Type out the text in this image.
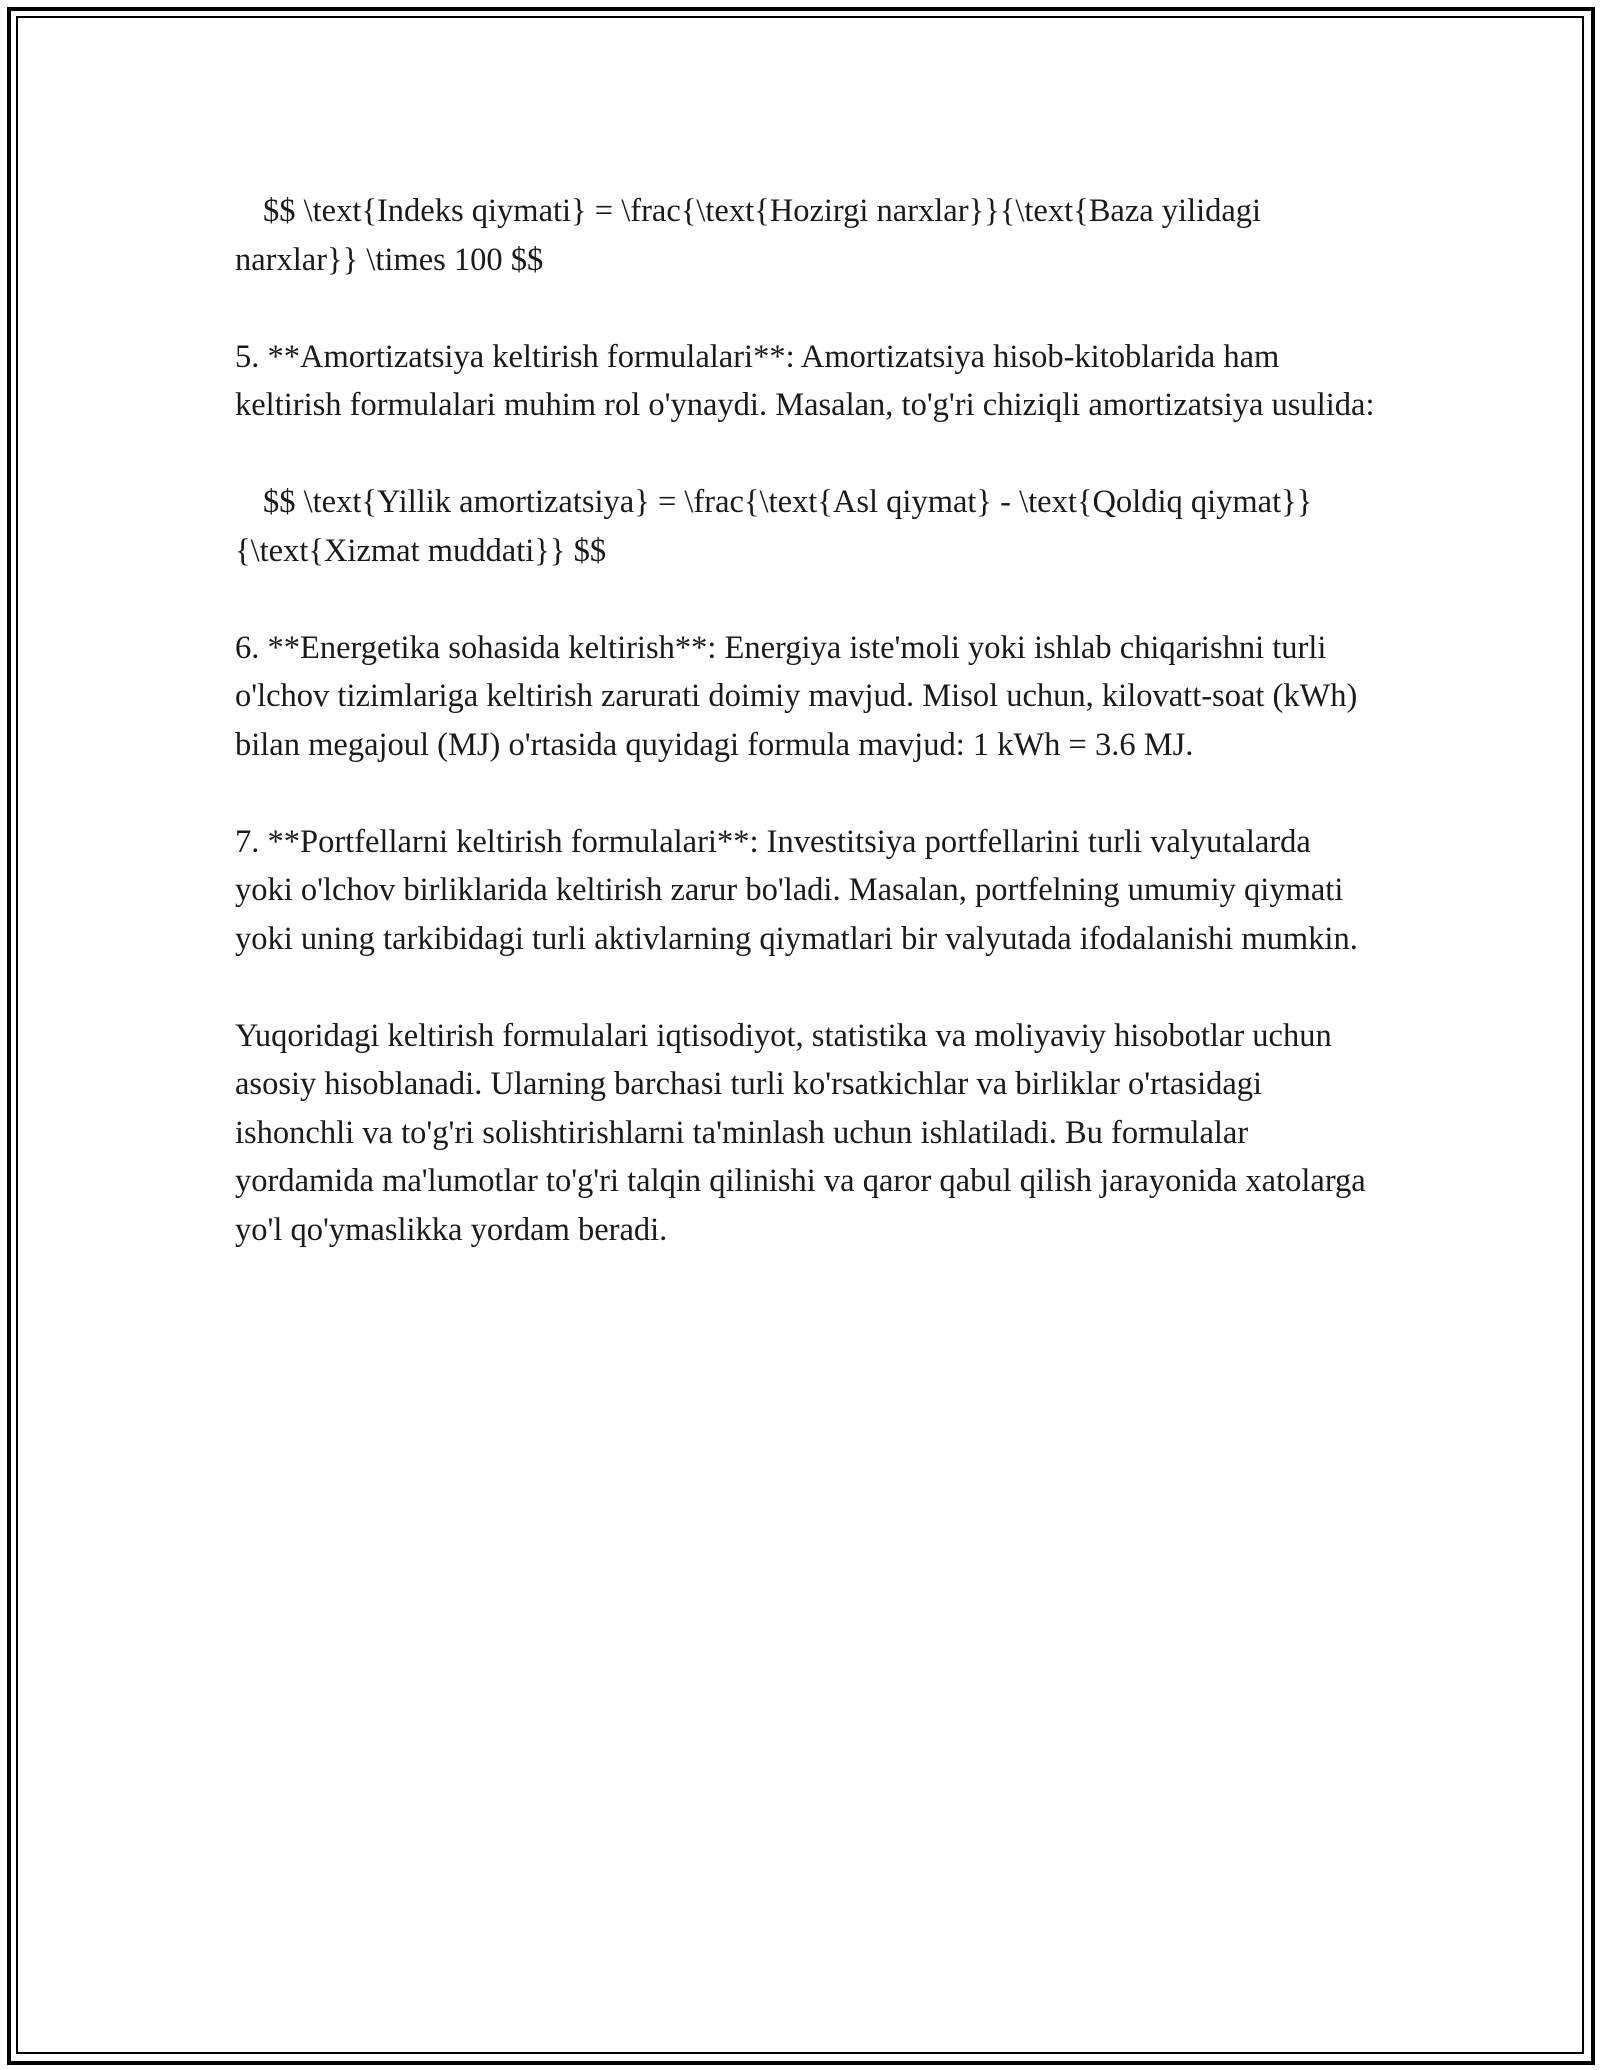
$$ \text{Indeks qiymati} = \frac{\text{Hozirgi narxlar}}{\text{Baza yilidagi narxlar}} \times 100 $$

5. **Amortizatsiya keltirish formulalari**: Amortizatsiya hisob-kitoblarida ham keltirish formulalari muhim rol o'ynaydi. Masalan, to'g'ri chiziqli amortizatsiya usulida:

$$ \text{Yillik amortizatsiya} = \frac{\text{Asl qiymat} - \text{Qoldiq qiymat}}{\text{Xizmat muddati}} $$

6. **Energetika sohasida keltirish**: Energiya iste'moli yoki ishlab chiqarishni turli o'lchov tizimlariga keltirish zarurati doimiy mavjud. Misol uchun, kilovatt-soat (kWh) bilan megajoul (MJ) o'rtasida quyidagi formula mavjud: 1 kWh = 3.6 MJ.

7. **Portfellarni keltirish formulalari**: Investitsiya portfellarini turli valyutalarda yoki o'lchov birliklarida keltirish zarur bo'ladi. Masalan, portfelning umumiy qiymati yoki uning tarkibidagi turli aktivlarning qiymatlari bir valyutada ifodalanishi mumkin.

Yuqoridagi keltirish formulalari iqtisodiyot, statistika va moliyaviy hisobotlar uchun asosiy hisoblanadi. Ularning barchasi turli ko'rsatkichlar va birliklar o'rtasidagi ishonchli va to'g'ri solishtirishlarni ta'minlash uchun ishlatiladi. Bu formulalar yordamida ma'lumotlar to'g'ri talqin qilinishi va qaror qabul qilish jarayonida xatolarga yo'l qo'ymaslikka yordam beradi.
